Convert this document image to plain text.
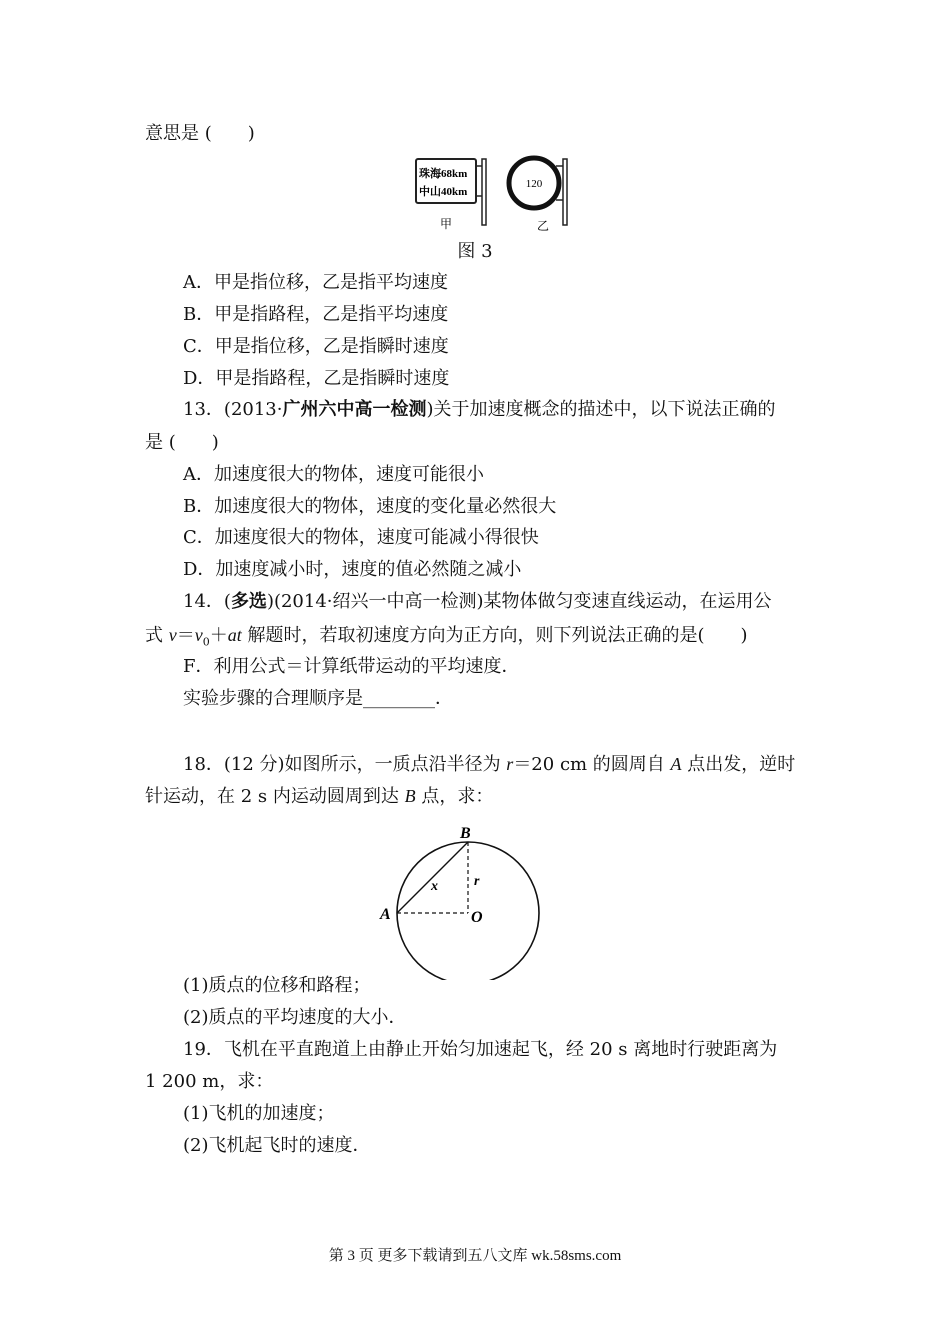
意思是 (　　)
珠海68km
中山40km
甲
120
乙
图 3
A．甲是指位移，乙是指平均速度
B．甲是指路程，乙是指平均速度
C．甲是指位移，乙是指瞬时速度
D．甲是指路程，乙是指瞬时速度
13．(2013·广州六中高一检测)关于加速度概念的描述中，以下说法正确的
是 (　　)
A．加速度很大的物体，速度可能很小
B．加速度很大的物体，速度的变化量必然很大
C．加速度很大的物体，速度可能减小得很快
D．加速度减小时，速度的值必然随之减小
14．(多选)(2014·绍兴一中高一检测)某物体做匀变速直线运动，在运用公
式 $v=v_0+at$ 解题时，若取初速度方向为正方向，则下列说法正确的是(　　)
F．利用公式＝计算纸带运动的平均速度．
实验步骤的合理顺序是________．
18．(12 分)如图所示，一质点沿半径为 r＝20 cm 的圆周自 A 点出发，逆时
针运动，在 2 s 内运动圆周到达 B 点，求：
B
A	O
x	r
(1)质点的位移和路程；
(2)质点的平均速度的大小．
19．飞机在平直跑道上由静止开始匀加速起飞，经 20 s 离地时行驶距离为
1 200 m，求：
(1)飞机的加速度；
(2)飞机起飞时的速度．
第 3 页 更多下载请到五八文库 wk.58sms.com
